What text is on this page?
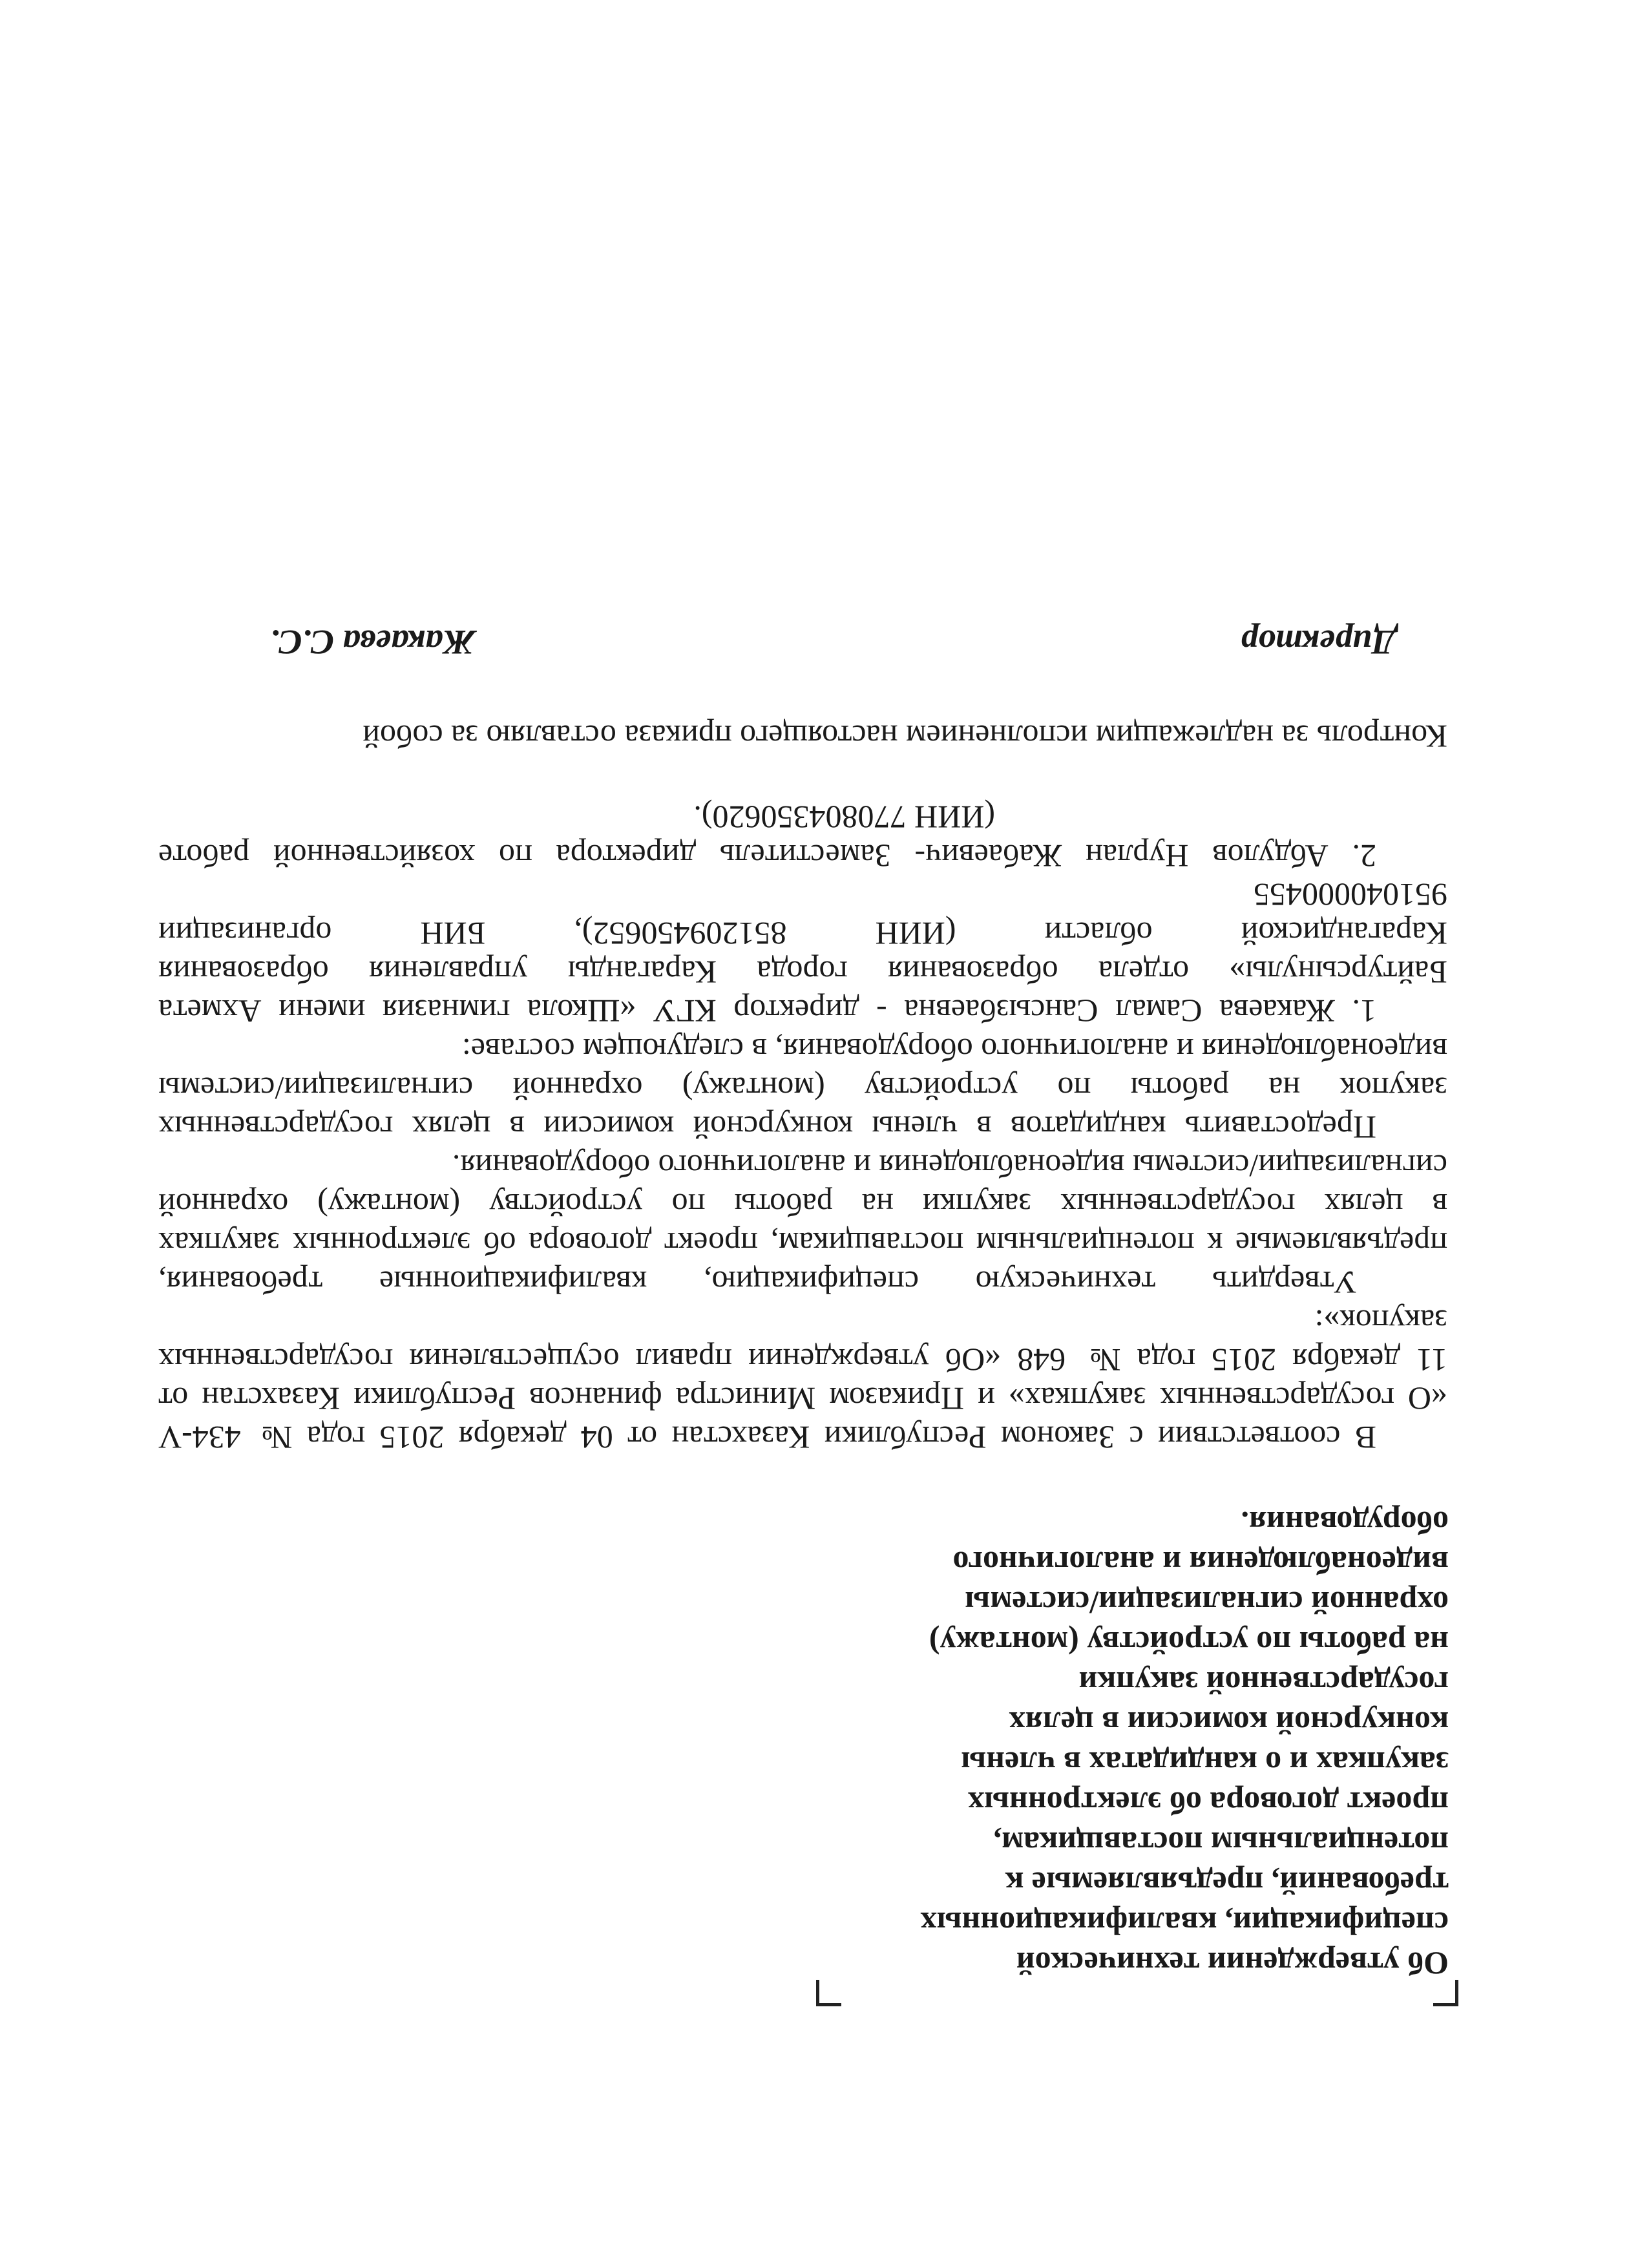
Об утверждении технической
спецификации, квалификационных
требований, предъявляемые к
потенциальным поставщикам,
проект договора об электронных
закупках и о кандидатах в члены
конкурсной комиссии в целях
государственной закупки
на работы по устройству (монтажу)
охранной сигнализации/системы
видеонаблюдения и аналогичного
оборудования.
В соответствии с Законом Республики Казахстан от 04 декабря 2015 года № 434-V
«О государственных закупках» и Приказом Министра финансов Республики Казахстан от
11 декабря 2015 года № 648 «Об утверждении правил осуществления государственных
закупок»:
Утвердить техническую спецификацию, квалификационные требования,
предъявляемые к потенциальным поставщикам, проект договора об электронных закупках
в целях государственных закупки на работы по устройству (монтажу) охранной
сигнализации/системы видеонаблюдения и аналогичного оборудования.
Предоставить кандидатов в члены конкурсной комиссии в целях государственных
закупок на работы по устройству (монтажу) охранной сигнализации/системы
видеонаблюдения и аналогичного оборудования, в следующем составе:
1. Жакаева Самал Сансызбаевна - директор КГУ «Школа гимназия имени Ахмета
Байтурсынулы» отдела образования города Караганды управления образования
Карагандиской области (ИИН 851209450652), БИН организации
951040000455
2. Абдулов Нурлан Жабаевич- Заместитель директора по хозяйственной работе
(ИИН 770804350620).
Контроль за надлежащим исполнением настоящего приказа оставляю за собой
Директор
Жакаева С.С.
